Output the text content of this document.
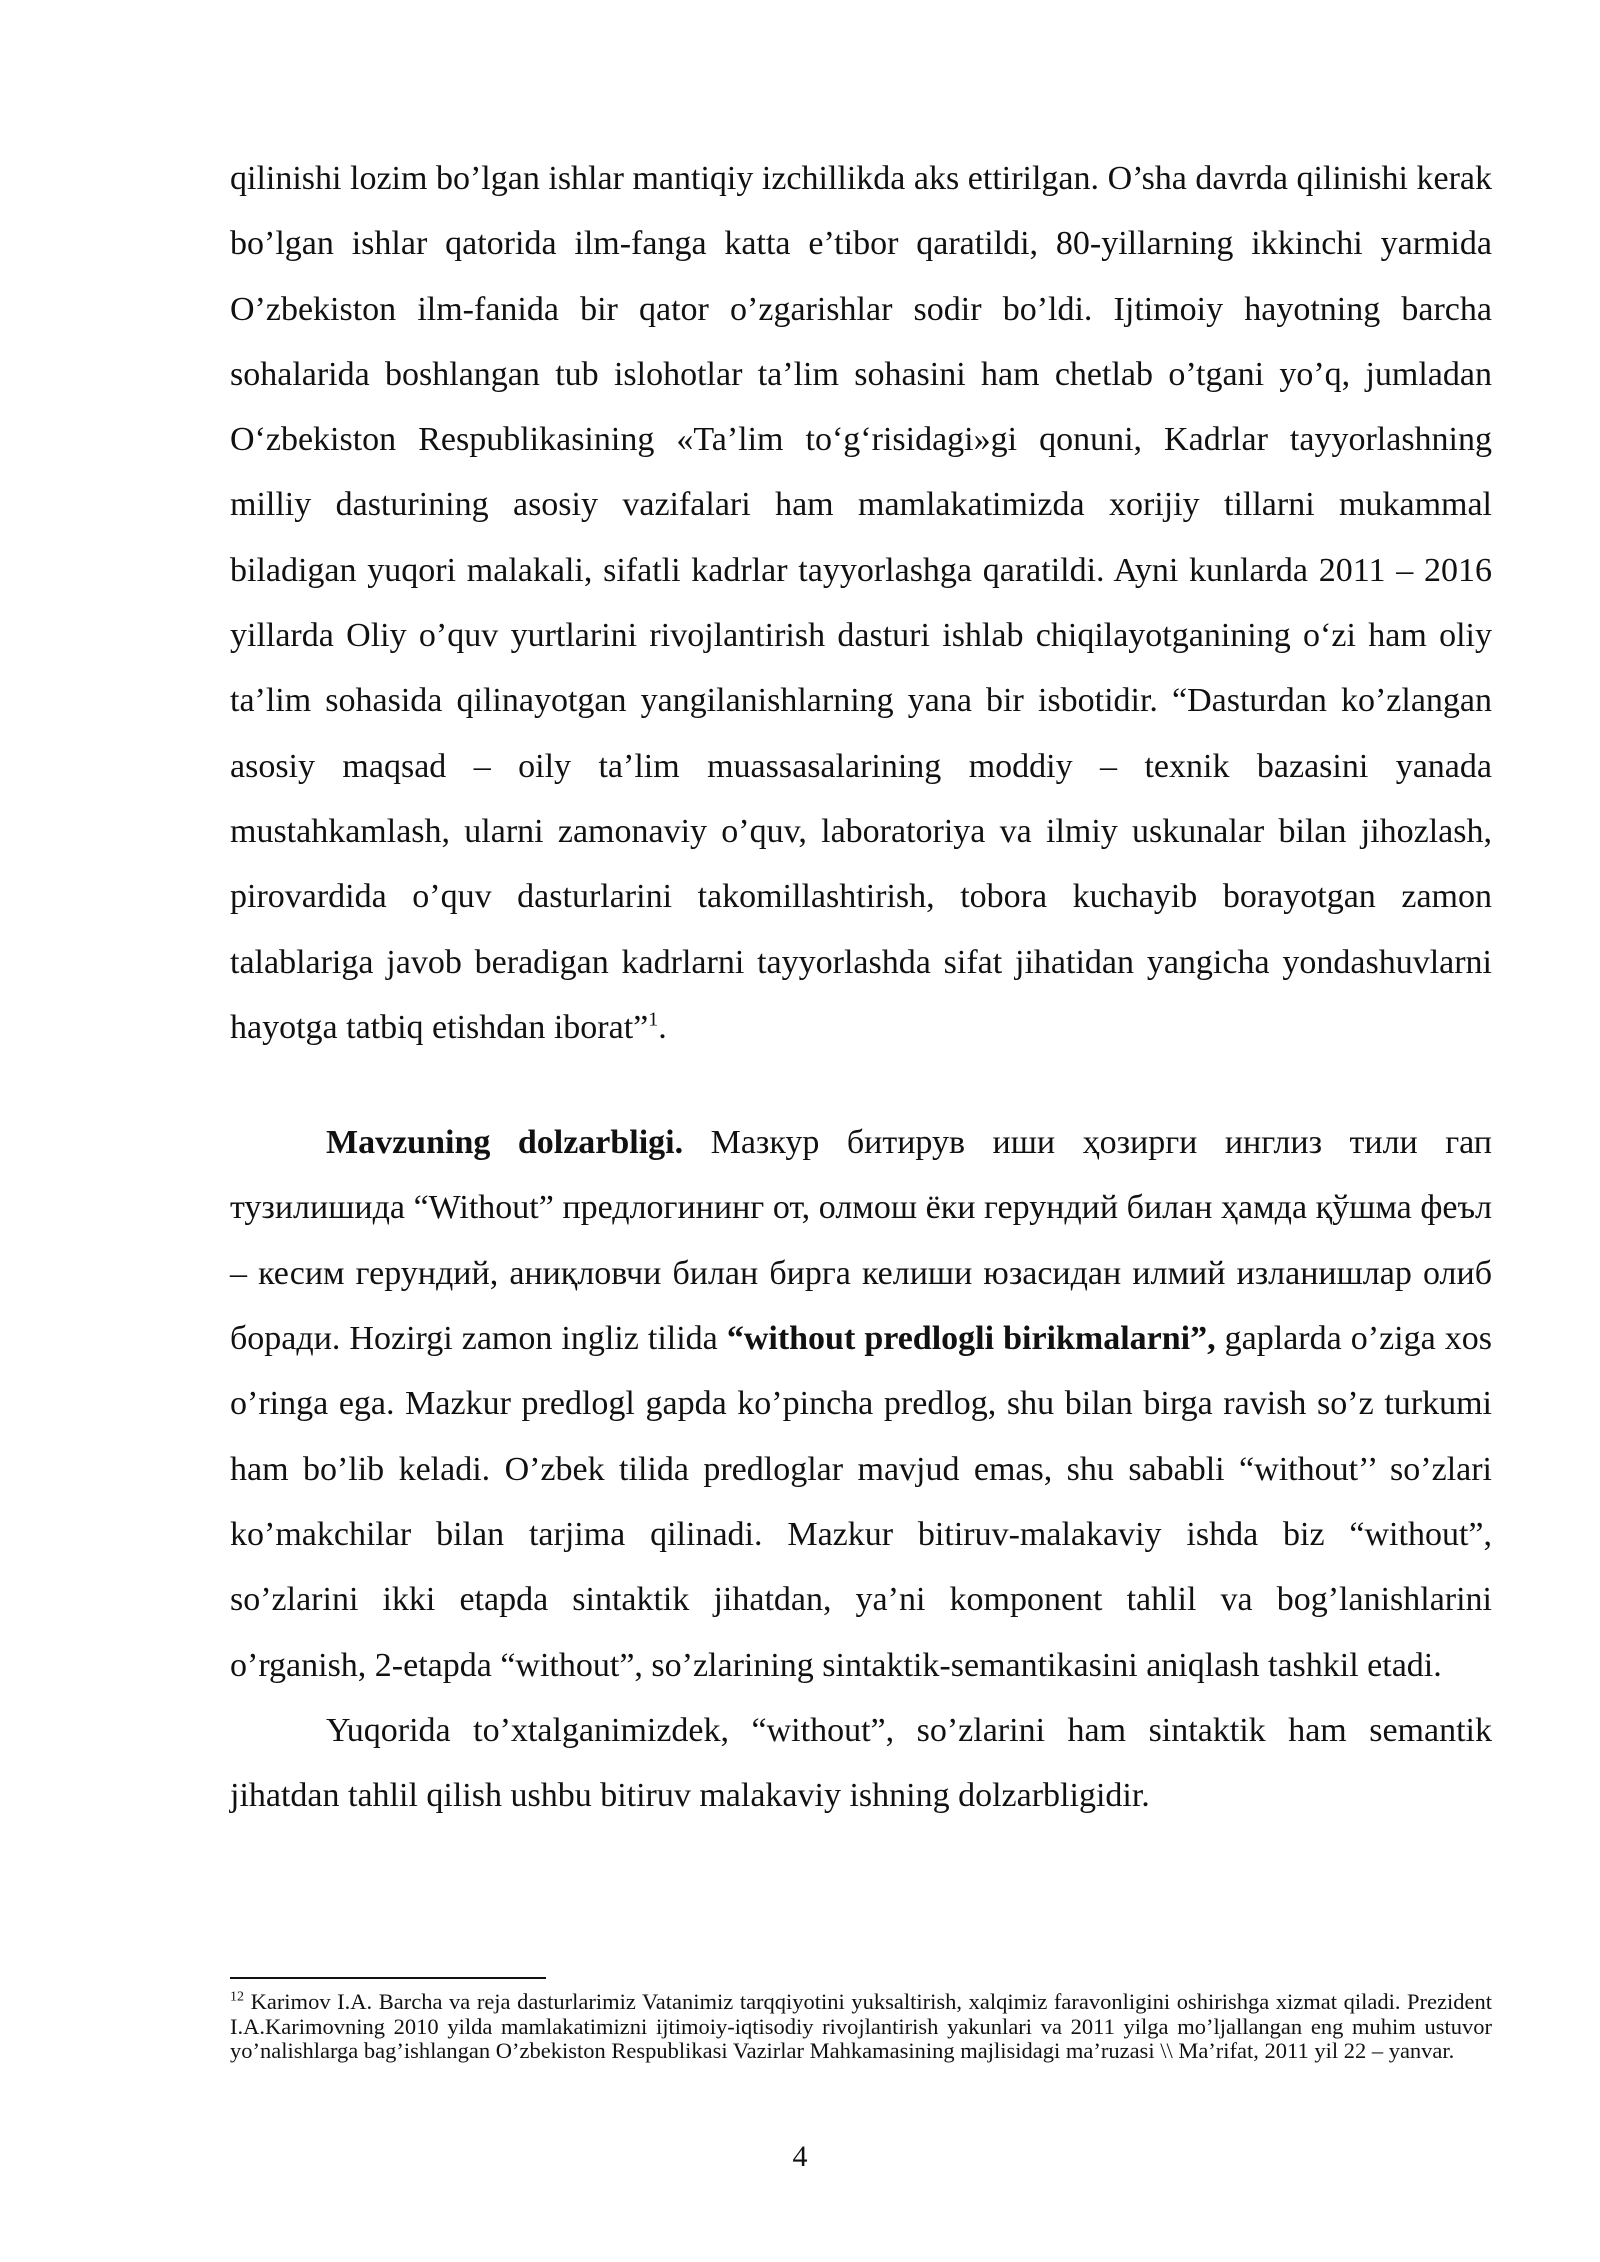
qilinishi lozim bo’lgan ishlar mantiqiy izchillikda aks ettirilgan. O’sha davrda qilinishi kerak bo’lgan ishlar qatorida ilm-fanga katta e’tibor qaratildi, 80-yillarning ikkinchi yarmida O’zbekiston ilm-fanida bir qator o’zgarishlar sodir bo’ldi. Ijtimoiy hayotning barcha sohalarida boshlangan tub islohotlar ta’lim sohasini ham chetlab o’tgani yo’q, jumladan O‘zbekiston Respublikasining «Ta’lim to‘g‘risidagi»gi qonuni, Kadrlar tayyorlashning milliy dasturining asosiy vazifalari ham mamlakatimizda xorijiy tillarni mukammal biladigan yuqori malakali, sifatli kadrlar tayyorlashga qaratildi. Ayni kunlarda 2011 – 2016 yillarda Oliy o’quv yurtlarini rivojlantirish dasturi ishlab chiqilayotganining o‘zi ham oliy ta’lim sohasida qilinayotgan yangilanishlarning yana bir isbotidir. “Dasturdan ko’zlangan asosiy maqsad – oily ta’lim muassasalarining moddiy – texnik bazasini yanada mustahkamlash, ularni zamonaviy o’quv, laboratoriya va ilmiy uskunalar bilan jihozlash, pirovardida o’quv dasturlarini takomillashtirish, tobora kuchayib borayotgan zamon talablariga javob beradigan kadrlarni tayyorlashda sifat jihatidan yangicha yondashuvlarni hayotga tatbiq etishdan iborat”$^1$.

Mavzuning dolzarbligi. Мазкур битирув иши ҳозирги инглиз тили гап тузилишида “Without” предлогининг от, олмош ёки герундий билан ҳамда қўшма феъл – кесим герундий, аниқловчи билан бирга келиши юзасидан илмий изланишлар олиб боради. Hozirgi zamon ingliz tilida “without predlogli birikmalarni”, gaplarda o’ziga xos o’ringa ega. Mazkur predlogl gapda ko’pincha predlog, shu bilan birga ravish so’z turkumi ham bo’lib keladi. O’zbek tilida predloglar mavjud emas, shu sababli “without’’ so’zlari ko’makchilar bilan tarjima qilinadi. Mazkur bitiruv-malakaviy ishda biz “without”, so’zlarini ikki etapda sintaktik jihatdan, ya’ni komponent tahlil va bog’lanishlarini o’rganish, 2-etapda “without”, so’zlarining sintaktik-semantikasini aniqlash tashkil etadi.

Yuqorida to’xtalganimizdek, “without”, so’zlarini ham sintaktik ham semantik jihatdan tahlil qilish ushbu bitiruv malakaviy ishning dolzarbligidir.

$^{12}$ Karimov I.A. Barcha va reja dasturlarimiz Vatanimiz tarqqiyotini yuksaltirish, xalqimiz faravonligini oshirishga xizmat qiladi. Prezident I.A.Karimovning 2010 yilda mamlakatimizni ijtimoiy-iqtisodiy rivojlantirish yakunlari va 2011 yilga mo’ljallangan eng muhim ustuvor yo’nalishlarga bag’ishlangan O’zbekiston Respublikasi Vazirlar Mahkamasining majlisidagi ma’ruzasi \\ Ma’rifat, 2011 yil 22 – yanvar.
4
